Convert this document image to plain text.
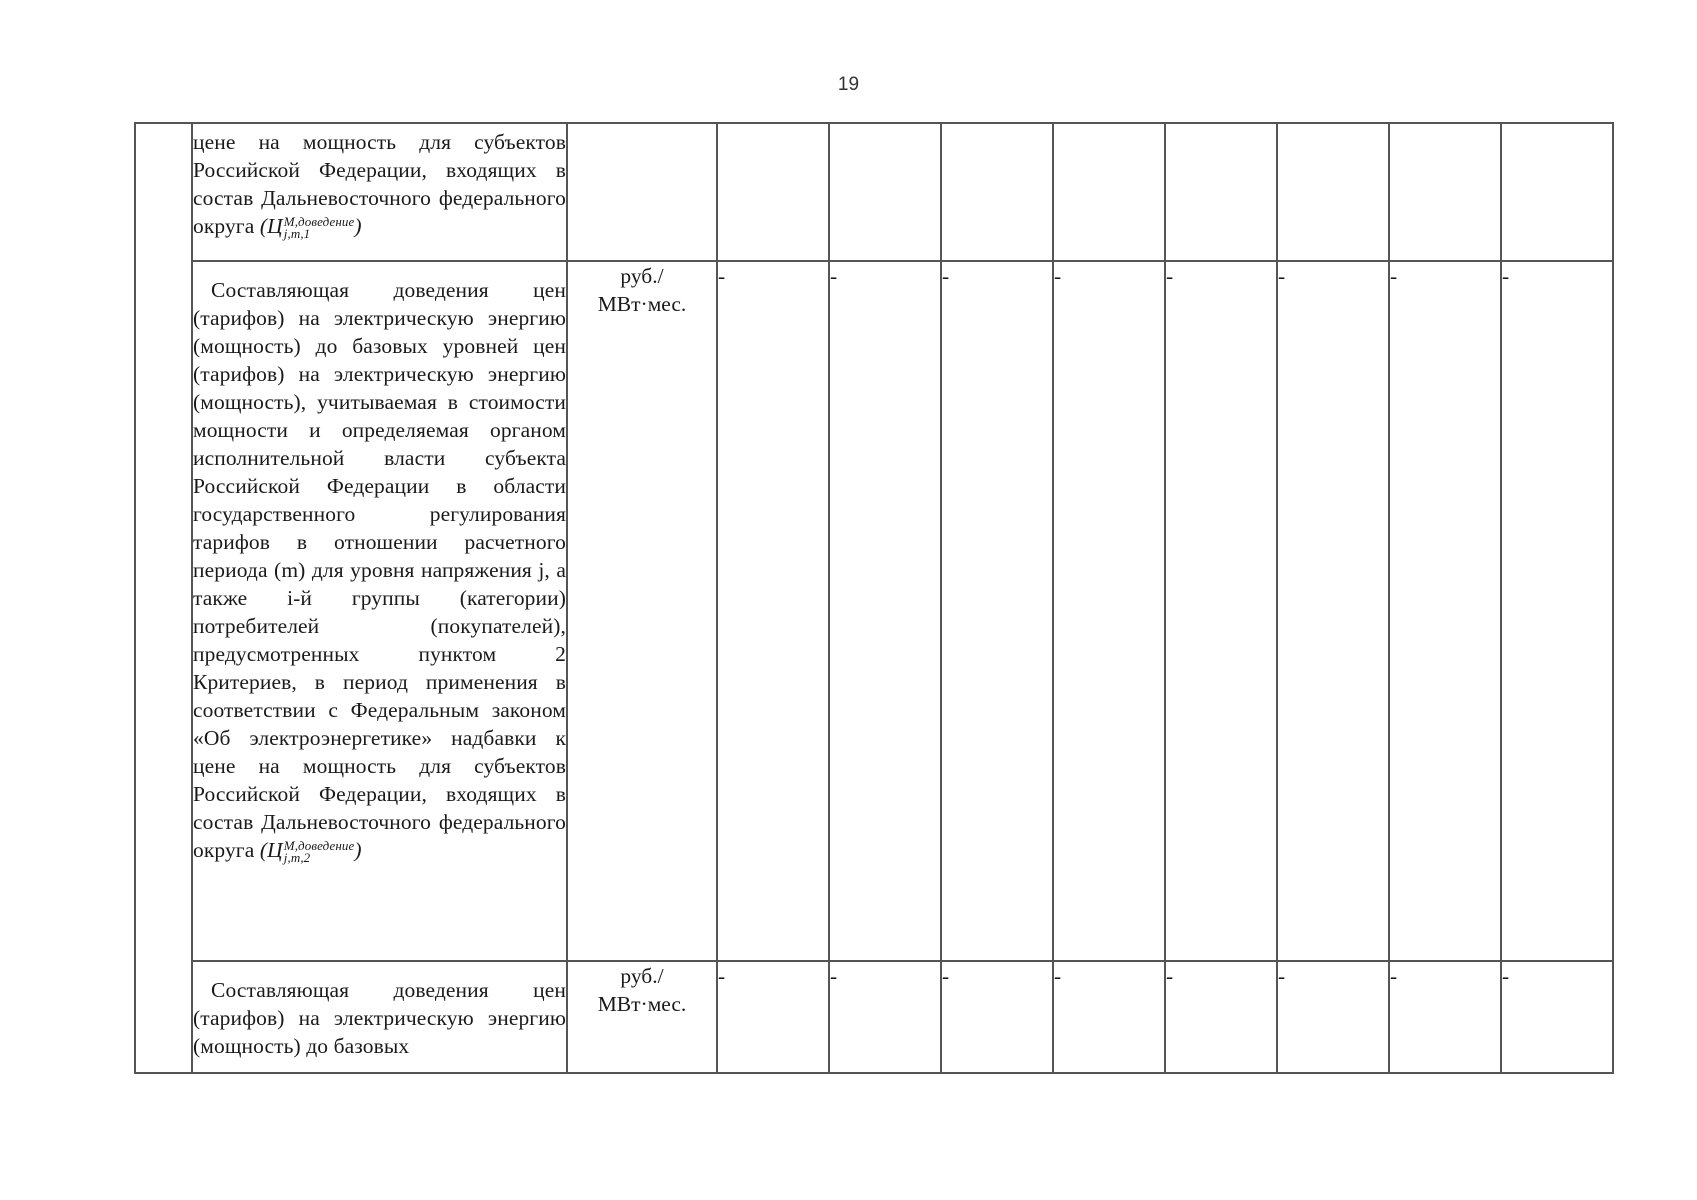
19
	цене на мощность для субъектов Российской Федерации, входящих в состав Дальневосточного федерального округа (Ц М,доведение
j,m,1 )									
	Составляющая доведения цен (тарифов) на электрическую энергию (мощность) до базовых уровней цен (тарифов) на электрическую энергию (мощность), учитываемая в стоимости мощности и определяемая органом исполнительной власти субъекта Российской Федерации в области государственного регулирования тарифов в отношении расчетного периода (m) для уровня напряжения j, а также i-й группы (категории) потребителей (покупателей), предусмотренных пунктом 2 Критериев, в период применения в соответствии с Федеральным законом «Об электроэнергетике» надбавки к цене на мощность для субъектов Российской Федерации, входящих в состав Дальневосточного федерального округа (Ц М,доведение
j,m,2 )	руб./
МВт·мес.	-	-	-	-	-	-	-	-
	Составляющая доведения цен (тарифов) на электрическую энергию (мощность) до базовых	руб./
МВт·мес.	-	-	-	-	-	-	-	-
